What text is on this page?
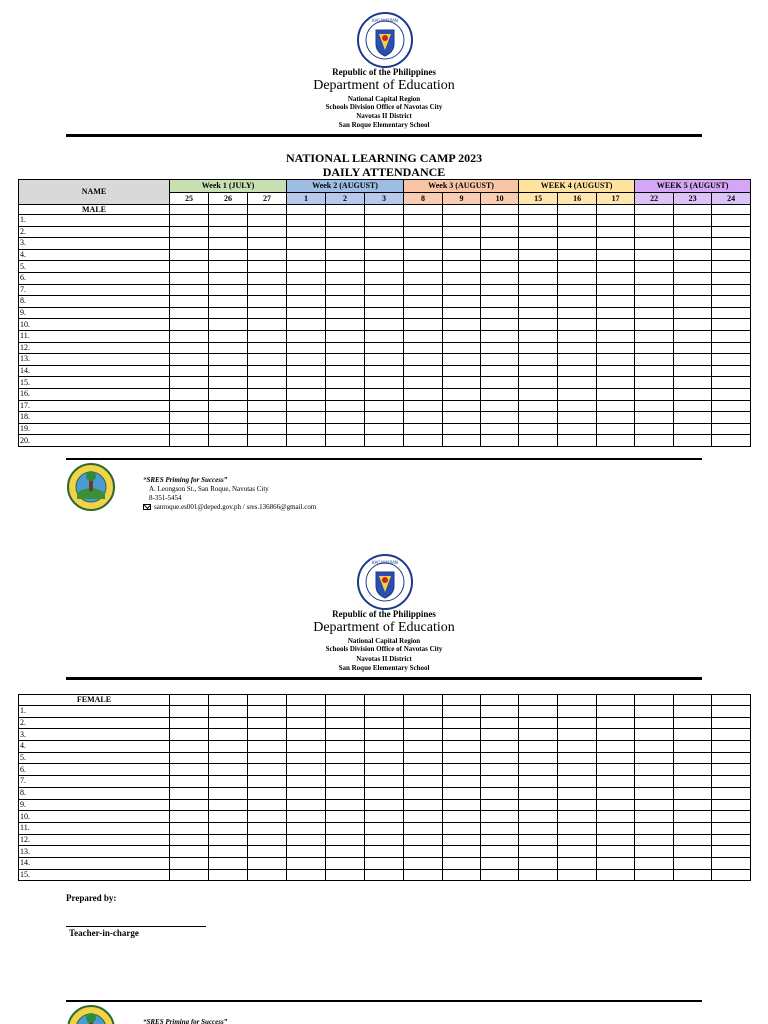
KAGAWARAN
Republic of the Philippines
Department of Education
National Capital Region
Schools Division Office of Navotas City
Navotas II District
San Roque Elementary School
NATIONAL LEARNING CAMP 2023
DAILY ATTENDANCE
NAME	Week 1 (JULY)			Week 2 (AUGUST)			Week 3 (AUGUST)			WEEK 4 (AUGUST)			WEEK 5 (AUGUST)		
	25	26	27	1	2	3	8	9	10	15	16	17	22	23	24
MALE															
1.															
2.															
3.															
4.															
5.															
6.															
7.															
8.															
9.															
10.															
11.															
12.															
13.															
14.															
15.															
16.															
17.															
18.															
19.															
20.															
“SRES Priming for Success”
A. Leongson St., San Roque, Navotas City
8-351-5454
sanroque.es001@deped.gov.ph / sres.136866@gmail.com
KAGAWARAN
Republic of the Philippines
Department of Education
National Capital Region
Schools Division Office of Navotas City
Navotas II District
San Roque Elementary School
FEMALE															
1.															
2.															
3.															
4.															
5.															
6.															
7.															
8.															
9.															
10.															
11.															
12.															
13.															
14.															
15.															
Prepared by:
Teacher-in-charge
“SRES Priming for Success”
